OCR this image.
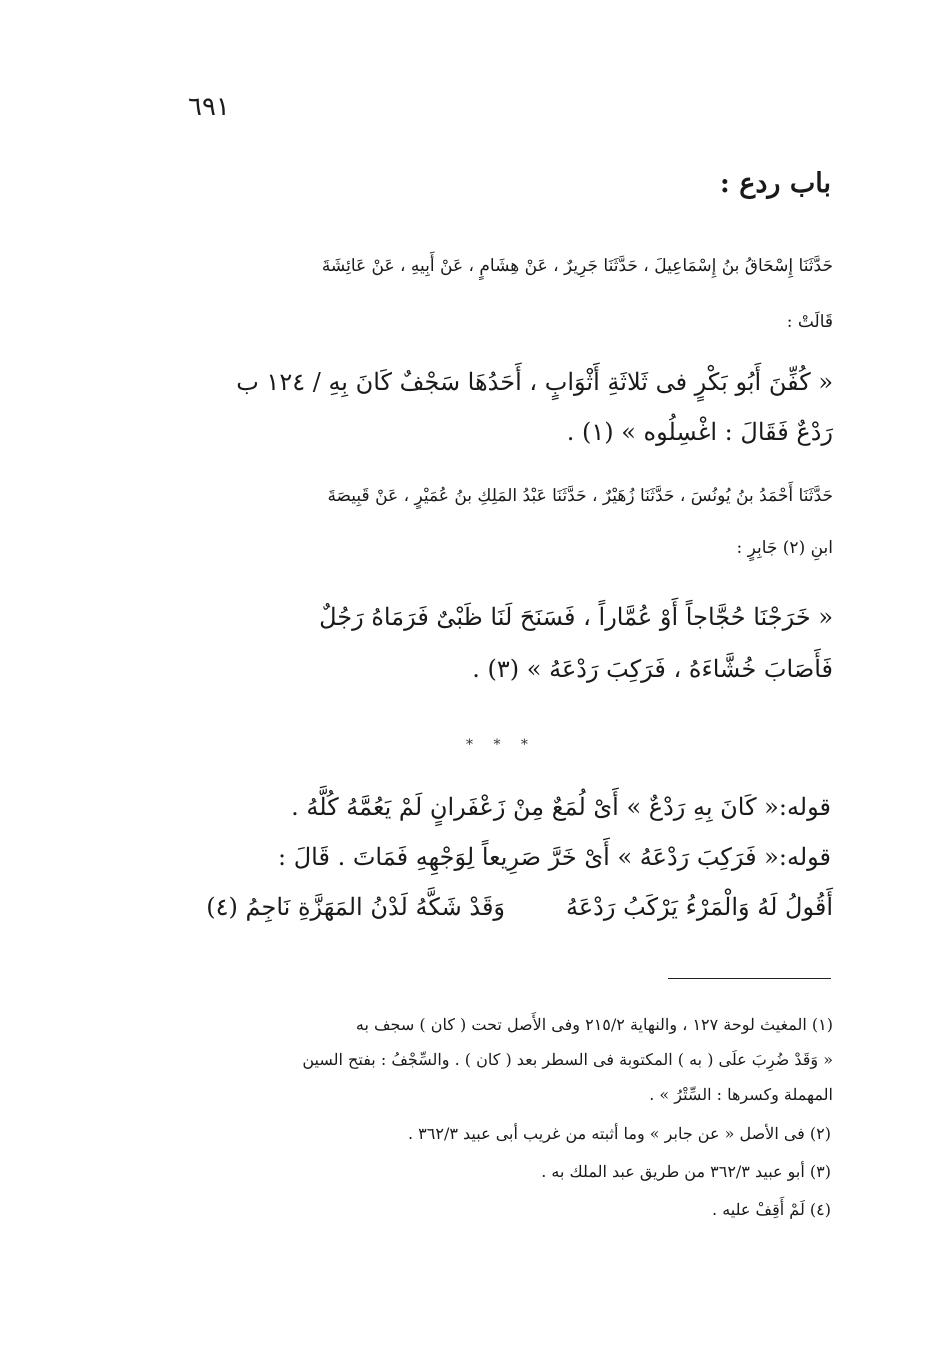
٦٩١
باب ردع :
حَدَّثَنَا إِسْحَاقُ بنُ إِسْمَاعِيلَ ، حَدَّثَنَا جَرِيرٌ ، عَنْ هِشَامٍ ، عَنْ أَبِيهِ ، عَنْ عَائِشَةَ
قَالَتْ :
« كُفِّنَ أَبُو بَكْرٍ فى ثَلاثَةِ أَثْوَابٍ ، أَحَدُهَا سَجْفٌ كَانَ بِهِ / ١٢٤ ب
رَدْعٌ فَقَالَ : اغْسِلُوه » (١) .
حَدَّثَنَا أَحْمَدُ بنُ يُونُسَ ، حَدَّثَنَا زُهَيْرٌ ، حَدَّثَنَا عَبْدُ المَلِكِ بنُ عُمَيْرٍ ، عَنْ قَبِيصَةَ
ابنِ (٢) جَابِرٍ :
« خَرَجْنَا حُجَّاجاً أَوْ عُمَّاراً ، فَسَنَحَ لَنَا ظَبْىٌ فَرَمَاهُ رَجُلٌ
فَأَصَابَ خُشَّاءَهُ ، فَرَكِبَ رَدْعَهُ » (٣) .
* * *
قوله:« كَانَ بِهِ رَدْعٌ » أَىْ لُمَعٌ مِنْ زَعْفَرانٍ لَمْ يَعُمَّهُ كُلَّهُ .
قوله:« فَرَكِبَ رَدْعَهُ » أَىْ خَرَّ صَرِيعاً لِوَجْهِهِ فَمَاتَ . قَالَ :
أَقُولُ لَهُ وَالْمَرْءُ يَرْكَبُ رَدْعَهُ
وَقَدْ شَكَّهُ لَدْنُ المَهَزَّةِ نَاجِمُ (٤)
(١) المغيث لوحة ١٢٧ ، والنهاية ٢١٥/٢ وفى الأَصل تحت ( كان ) سجف به
« وَقَدْ ضُرِبَ علَى ( به ) المكتوبة فى السطر بعد ( كان ) . والسِّجْفُ : بفتح السين
المهملة وكسرها : السِّتْرُ » .
(٢) فى الأصل « عن جابر » وما أثبته من غريب أبى عبيد ٣٦٢/٣ .
(٣) أبو عبيد ٣٦٢/٣ من طريق عبد الملك به .
(٤) لَمْ أَقِفْ عليه .
